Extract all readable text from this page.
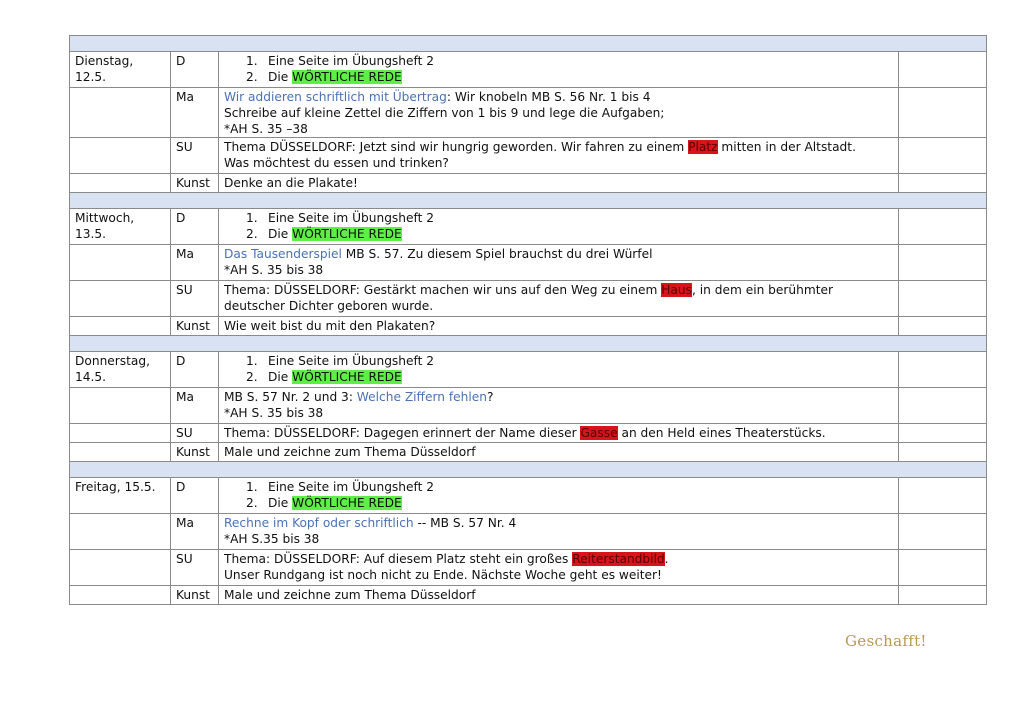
Dienstag,
12.5.	D	1. Eine Seite im Übungsheft 2
2. Die WÖRTLICHE REDE	

	Ma	Wir addieren schriftlich mit Übertrag: Wir knobeln MB S. 56 Nr. 1 bis 4
Schreibe auf kleine Zettel die Ziffern von 1 bis 9 und lege die Aufgaben;
*AH S. 35 –38	

	SU	Thema DÜSSELDORF: Jetzt sind wir hungrig geworden. Wir fahren zu einem Platz mitten in der Altstadt.
Was möchtest du essen und trinken?	

	Kunst	Denke an die Plakate!	

Mittwoch,
13.5.	D	1. Eine Seite im Übungsheft 2
2. Die WÖRTLICHE REDE	

	Ma	Das Tausenderspiel MB S. 57. Zu diesem Spiel brauchst du drei Würfel
*AH S. 35 bis 38	

	SU	Thema: DÜSSELDORF: Gestärkt machen wir uns auf den Weg zu einem Haus, in dem ein berühmter
deutscher Dichter geboren wurde.	

	Kunst	Wie weit bist du mit den Plakaten?	

Donnerstag,
14.5.	D	1. Eine Seite im Übungsheft 2
2. Die WÖRTLICHE REDE	

	Ma	MB S. 57 Nr. 2 und 3: Welche Ziffern fehlen?
*AH S. 35 bis 38	

	SU	Thema: DÜSSELDORF: Dagegen erinnert der Name dieser Gasse an den Held eines Theaterstücks.	

	Kunst	Male und zeichne zum Thema Düsseldorf	

Freitag, 15.5.	D	1. Eine Seite im Übungsheft 2
2. Die WÖRTLICHE REDE	

	Ma	Rechne im Kopf oder schriftlich -- MB S. 57 Nr. 4
*AH S.35 bis 38	

	SU	Thema: DÜSSELDORF: Auf diesem Platz steht ein großes Reiterstandbild.
Unser Rundgang ist noch nicht zu Ende. Nächste Woche geht es weiter!	

	Kunst	Male und zeichne zum Thema Düsseldorf	
Geschafft!
